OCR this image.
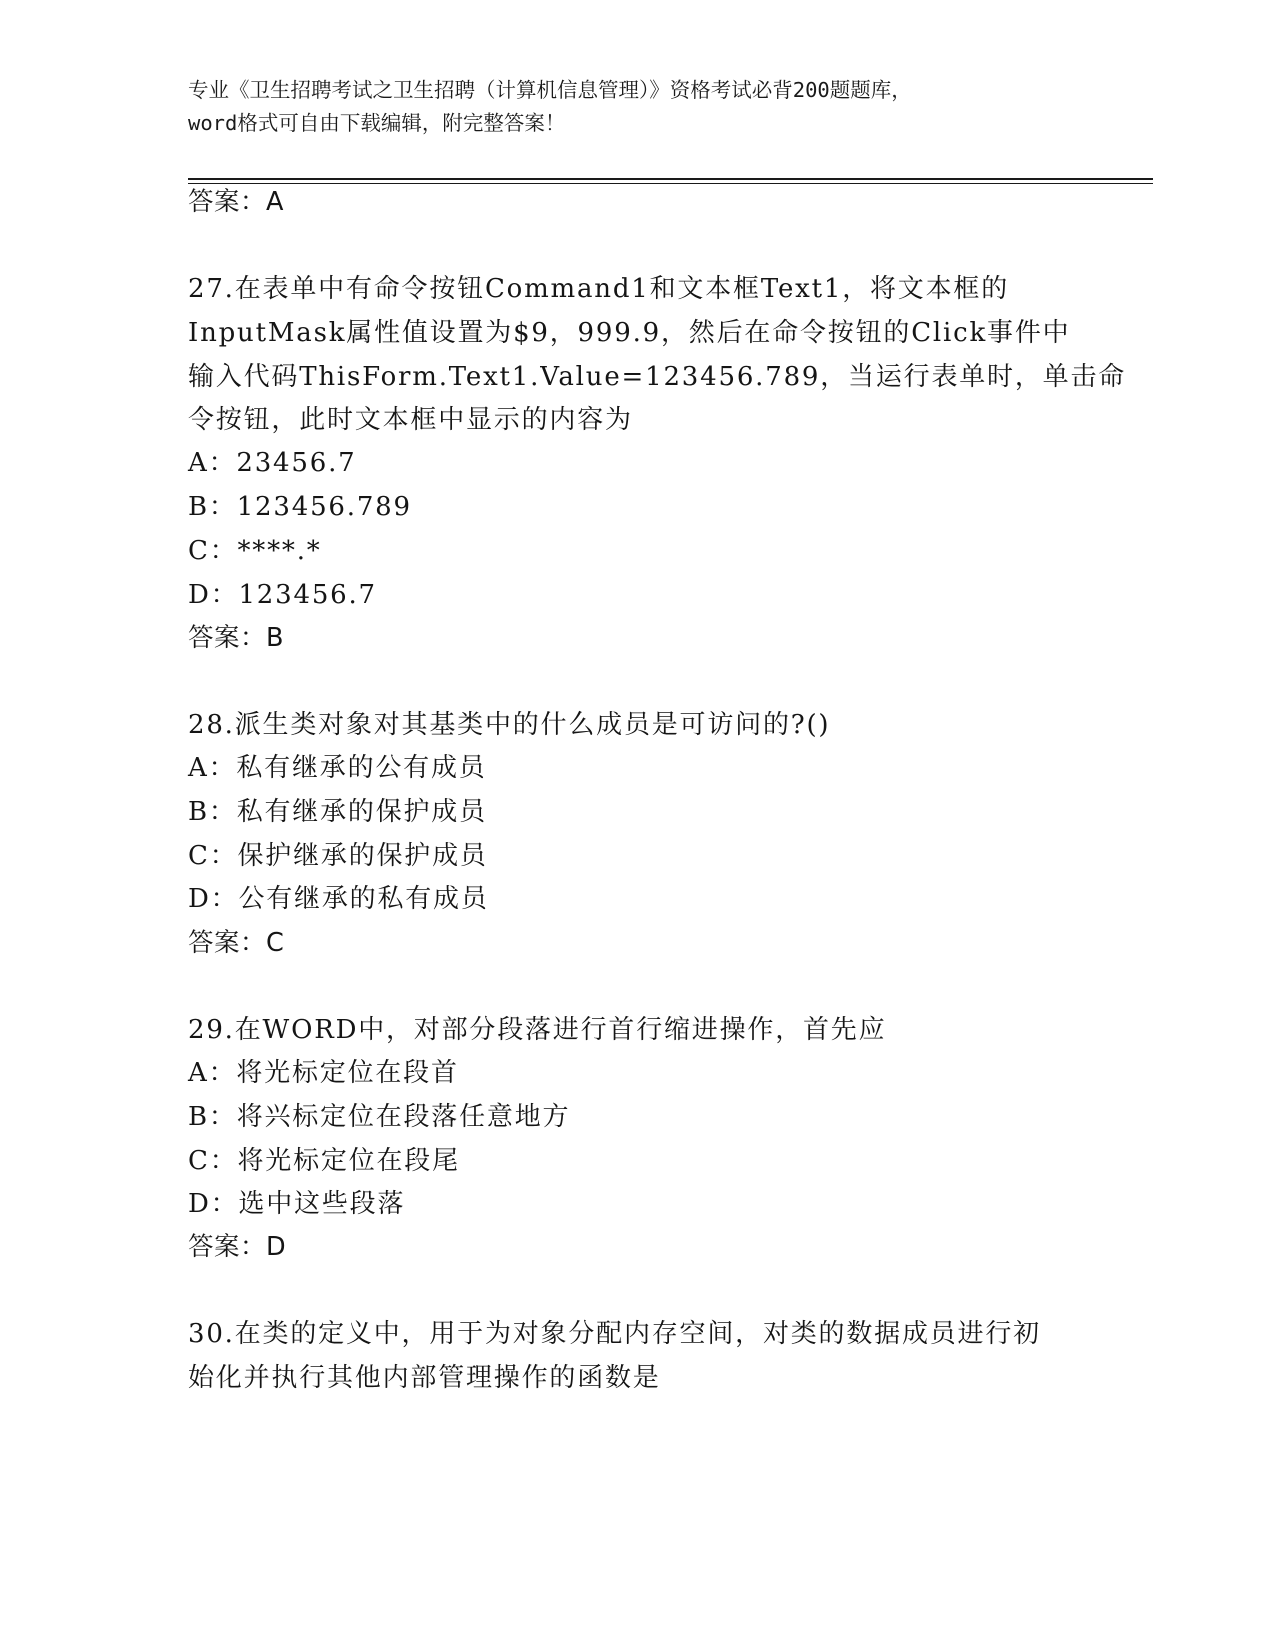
专业《卫生招聘考试之卫生招聘（计算机信息管理）》资格考试必背200题题库，
word格式可自由下载编辑，附完整答案！
答案：A
27.在表单中有命令按钮Command1和文本框Text1，将文本框的
InputMask属性值设置为$9，999.9，然后在命令按钮的Click事件中
输入代码ThisForm.Text1.Value=123456.789，当运行表单时，单击命
令按钮，此时文本框中显示的内容为
A：23456.7
B：123456.789
C：****.*
D：123456.7
答案：B
28.派生类对象对其基类中的什么成员是可访问的?()
A：私有继承的公有成员
B：私有继承的保护成员
C：保护继承的保护成员
D：公有继承的私有成员
答案：C
29.在WORD中，对部分段落进行首行缩进操作，首先应
A：将光标定位在段首
B：将兴标定位在段落任意地方
C：将光标定位在段尾
D：选中这些段落
答案：D
30.在类的定义中，用于为对象分配内存空间，对类的数据成员进行初
始化并执行其他内部管理操作的函数是
